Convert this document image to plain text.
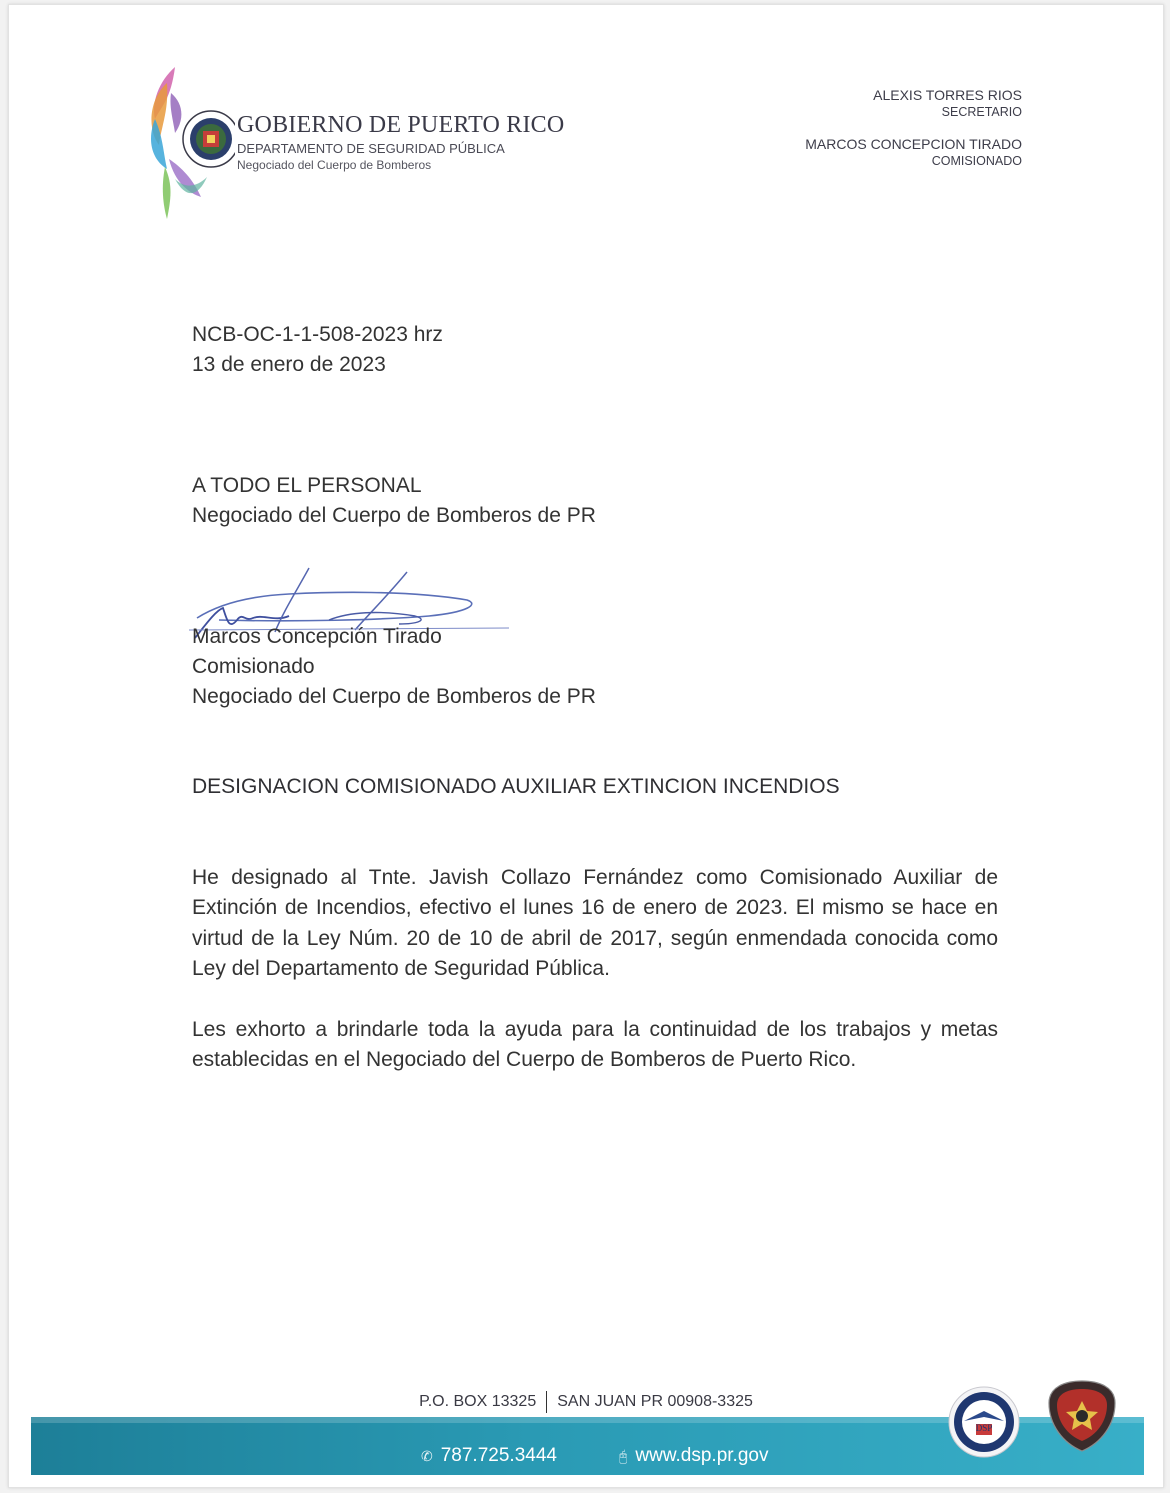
GOBIERNO DE PUERTO RICO
DEPARTAMENTO DE SEGURIDAD PÚBLICA
Negociado del Cuerpo de Bomberos
ALEXIS TORRES RIOS
SECRETARIO
MARCOS CONCEPCION TIRADO
COMISIONADO
NCB-OC-1-1-508-2023 hrz
13 de enero de 2023
A TODO EL PERSONAL
Negociado del Cuerpo de Bomberos de PR
Marcos Concepción Tirado
Comisionado
Negociado del Cuerpo de Bomberos de PR
DESIGNACION COMISIONADO AUXILIAR EXTINCION INCENDIOS
He designado al Tnte. Javish Collazo Fernández como Comisionado Auxiliar de Extinción de Incendios, efectivo el lunes 16 de enero de 2023. El mismo se hace en virtud de la Ley Núm. 20 de 10 de abril de 2017, según enmendada conocida como Ley del Departamento de Seguridad Pública.
Les exhorto a brindarle toda la ayuda para la continuidad de los trabajos y metas establecidas en el Negociado del Cuerpo de Bomberos de Puerto Rico.
P.O. BOX 13325 SAN JUAN PR 00908-3325
✆ 787.725.3444	🖰 www.dsp.pr.gov
DSP
